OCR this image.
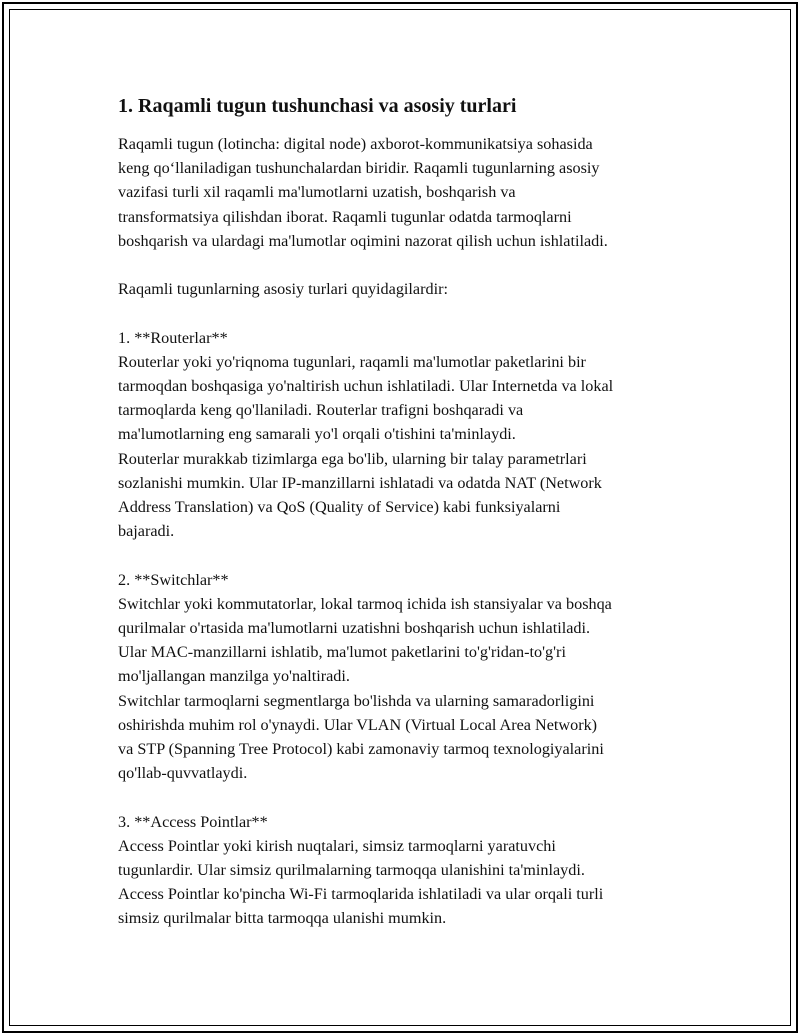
1. Raqamli tugun tushunchasi va asosiy turlari
Raqamli tugun (lotincha: digital node) axborot-kommunikatsiya sohasida
keng qo‘llaniladigan tushunchalardan biridir. Raqamli tugunlarning asosiy
vazifasi turli xil raqamli ma'lumotlarni uzatish, boshqarish va
transformatsiya qilishdan iborat. Raqamli tugunlar odatda tarmoqlarni
boshqarish va ulardagi ma'lumotlar oqimini nazorat qilish uchun ishlatiladi.
Raqamli tugunlarning asosiy turlari quyidagilardir:
1. **Routerlar**
Routerlar yoki yo'riqnoma tugunlari, raqamli ma'lumotlar paketlarini bir
tarmoqdan boshqasiga yo'naltirish uchun ishlatiladi. Ular Internetda va lokal
tarmoqlarda keng qo'llaniladi. Routerlar trafigni boshqaradi va
ma'lumotlarning eng samarali yo'l orqali o'tishini ta'minlaydi.
Routerlar murakkab tizimlarga ega bo'lib, ularning bir talay parametrlari
sozlanishi mumkin. Ular IP-manzillarni ishlatadi va odatda NAT (Network
Address Translation) va QoS (Quality of Service) kabi funksiyalarni
bajaradi.
2. **Switchlar**
Switchlar yoki kommutatorlar, lokal tarmoq ichida ish stansiyalar va boshqa
qurilmalar o'rtasida ma'lumotlarni uzatishni boshqarish uchun ishlatiladi.
Ular MAC-manzillarni ishlatib, ma'lumot paketlarini to'g'ridan-to'g'ri
mo'ljallangan manzilga yo'naltiradi.
Switchlar tarmoqlarni segmentlarga bo'lishda va ularning samaradorligini
oshirishda muhim rol o'ynaydi. Ular VLAN (Virtual Local Area Network)
va STP (Spanning Tree Protocol) kabi zamonaviy tarmoq texnologiyalarini
qo'llab-quvvatlaydi.
3. **Access Pointlar**
Access Pointlar yoki kirish nuqtalari, simsiz tarmoqlarni yaratuvchi
tugunlardir. Ular simsiz qurilmalarning tarmoqqa ulanishini ta'minlaydi.
Access Pointlar ko'pincha Wi-Fi tarmoqlarida ishlatiladi va ular orqali turli
simsiz qurilmalar bitta tarmoqqa ulanishi mumkin.
